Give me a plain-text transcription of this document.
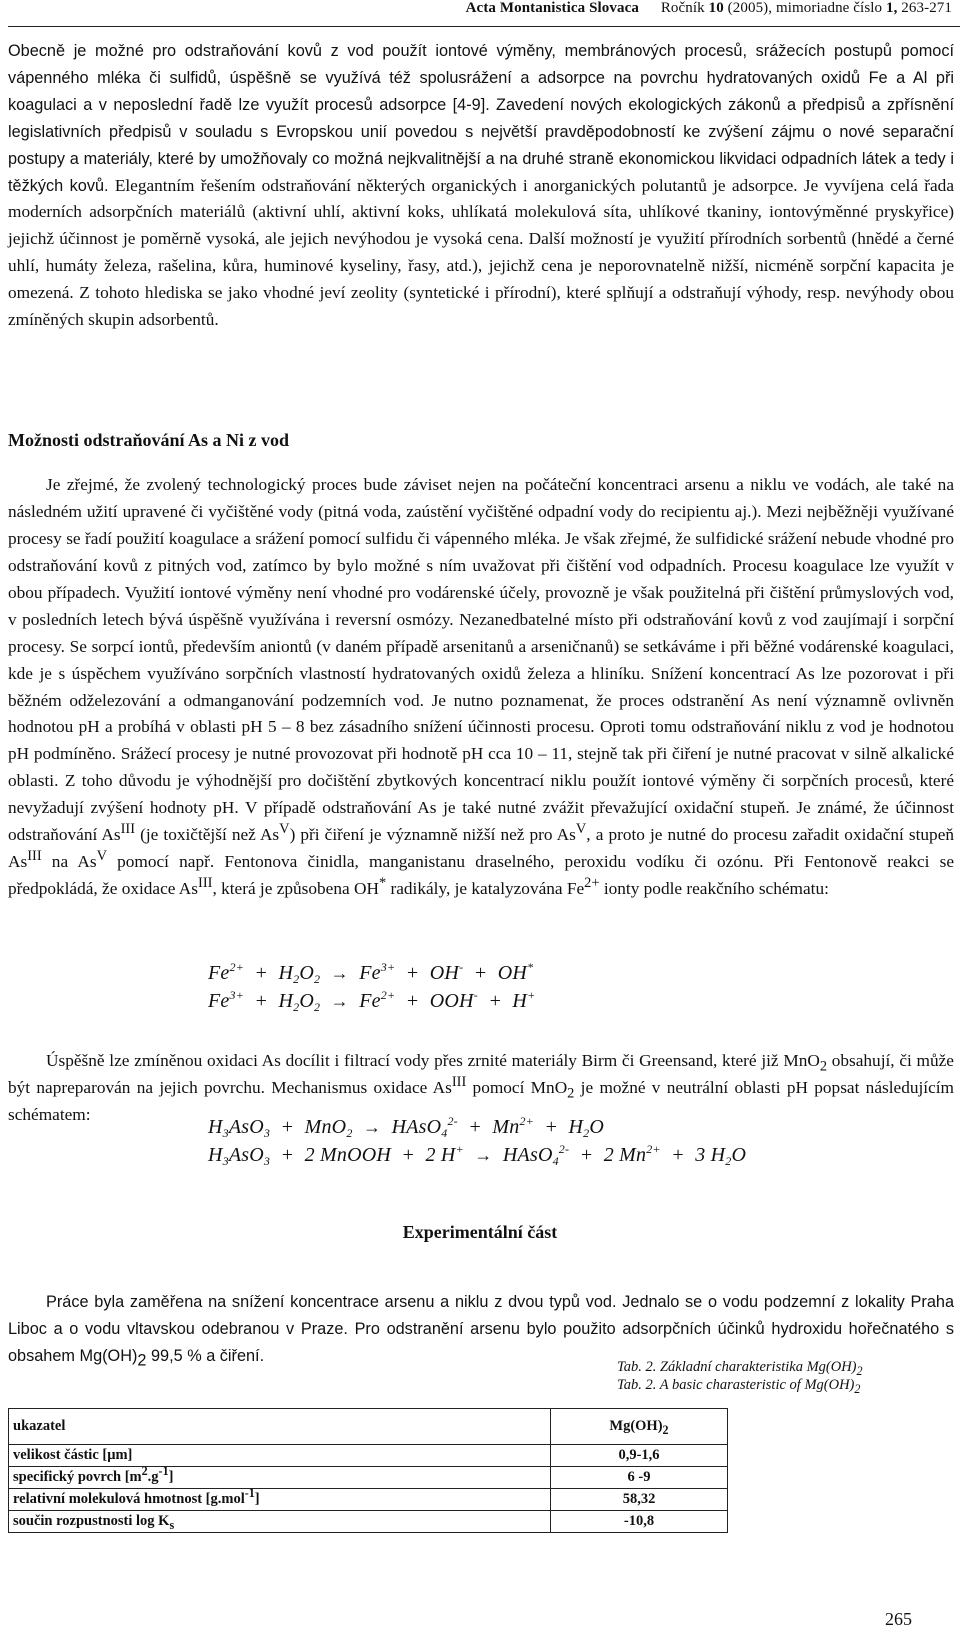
Acta Montanistica Slovaca Ročník 10 (2005), mimoriadne číslo 1, 263-271

Obecně je možné pro odstraňování kovů z vod použít iontové výměny, membránových procesů, srážecích postupů pomocí vápenného mléka či sulfidů, úspěšně se využívá též spolusrážení a adsorpce na povrchu hydratovaných oxidů Fe a Al při koagulaci a v neposlední řadě lze využít procesů adsorpce [4-9]. Zavedení nových ekologických zákonů a předpisů a zpřísnění legislativních předpisů v souladu s Evropskou unií povedou s největší pravděpodobností ke zvýšení zájmu o nové separační postupy a materiály, které by umožňovaly co možná nejkvalitnější a na druhé straně ekonomickou likvidaci odpadních látek a tedy i těžkých kovů. Elegantním řešením odstraňování některých organických i anorganických polutantů je adsorpce. Je vyvíjena celá řada moderních adsorpčních materiálů (aktivní uhlí, aktivní koks, uhlíkatá molekulová síta, uhlíkové tkaniny, iontovýměnné pryskyřice) jejichž účinnost je poměrně vysoká, ale jejich nevýhodou je vysoká cena. Další možností je využití přírodních sorbentů (hnědé a černé uhlí, humáty železa, rašelina, kůra, huminové kyseliny, řasy, atd.), jejichž cena je neporovnatelně nižší, nicméně sorpční kapacita je omezená. Z tohoto hlediska se jako vhodné jeví zeolity (syntetické i přírodní), které splňují a odstraňují výhody, resp. nevýhody obou zmíněných skupin adsorbentů.

Možnosti odstraňování As a Ni z vod

Je zřejmé, že zvolený technologický proces bude záviset nejen na počáteční koncentraci arsenu a niklu ve vodách, ale také na následném užití upravené či vyčištěné vody (pitná voda, zaústění vyčištěné odpadní vody do recipientu aj.). Mezi nejběžněji využívané procesy se řadí použití koagulace a srážení pomocí sulfidu či vápenného mléka. Je však zřejmé, že sulfidické srážení nebude vhodné pro odstraňování kovů z pitných vod, zatímco by bylo možné s ním uvažovat při čištění vod odpadních. Procesu koagulace lze využít v obou případech. Využití iontové výměny není vhodné pro vodárenské účely, provozně je však použitelná při čištění průmyslových vod, v posledních letech bývá úspěšně využívána i reversní osmózy. Nezanedbatelné místo při odstraňování kovů z vod zaujímají i sorpční procesy. Se sorpcí iontů, především aniontů (v daném případě arsenitanů a arseničnanů) se setkáváme i při běžné vodárenské koagulaci, kde je s úspěchem využíváno sorpčních vlastností hydratovaných oxidů železa a hliníku. Snížení koncentrací As lze pozorovat i při běžném odželezování a odmanganování podzemních vod. Je nutno poznamenat, že proces odstranění As není významně ovlivněn hodnotou pH a probíhá v oblasti pH 5 – 8 bez zásadního snížení účinnosti procesu. Oproti tomu odstraňování niklu z vod je hodnotou pH podmíněno. Srážecí procesy je nutné provozovat při hodnotě pH cca 10 – 11, stejně tak při čiření je nutné pracovat v silně alkalické oblasti. Z toho důvodu je výhodnější pro dočištění zbytkových koncentrací niklu použít iontové výměny či sorpčních procesů, které nevyžadují zvýšení hodnoty pH. V případě odstraňování As je také nutné zvážit převažující oxidační stupeň. Je známé, že účinnost odstraňování $As^{III}$ (je toxičtější než $As^V$) při čiření je významně nižší než pro $As^V$, a proto je nutné do procesu zařadit oxidační stupeň $As^{III}$ na $As^V$ pomocí např. Fentonova činidla, manganistanu draselného, peroxidu vodíku či ozónu. Při Fentonově reakci se předpokládá, že oxidace $As^{III}$, která je způsobena OH* radikály, je katalyzována $Fe^{2+}$ ionty podle reakčního schématu:

$Fe^{2+} + H_2O_2 \to Fe^{3+} + OH^- + OH^*$
$Fe^{3+} + H_2O_2 \to Fe^{2+} + OOH^- + H^+$

Úspěšně lze zmíněnou oxidaci As docílit i filtrací vody přes zrnité materiály Birm či Greensand, které již MnO$_2$ obsahují, či může být napreparován na jejich povrchu. Mechanismus oxidace $As^{III}$ pomocí MnO$_2$ je možné v neutrální oblasti pH popsat následujícím schématem:

$H_3AsO_3 + MnO_2$ → HAsO$_4^{2-}$ + $Mn^{2+} + H_2O$
$H_3AsO_3 + 2$ MnOOH + 2 H+ → HAsO$_4^{2-}$ + 2 $Mn^{2+} + 3$ $H_2O$
Experimentální část

Práce byla zaměřena na snížení koncentrace arsenu a niklu z dvou typů vod. Jednalo se o vodu podzemní z lokality Praha Liboc a o vodu vltavskou odebranou v Praze. Pro odstranění arsenu bylo použito adsorpčních účinků hydroxidu hořečnatého s obsahem $Mg(OH)_2$ 99,5 % a čiření.

Tab. 2. Základní charakteristika $Mg(OH)_2$
Tab. 2. A basic charasteristic of $Mg(OH)_2$
ukazatel	$Mg(OH)_2$
velikost částic [μm]	0,9-1,6
specifický povrch $[m^2.g^{-1}]$	6 -9
relativní molekulová hmotnost [g.mol$^{-1}$]	58,32
součin rozpustnosti $\log K_s$	-10,8
265
